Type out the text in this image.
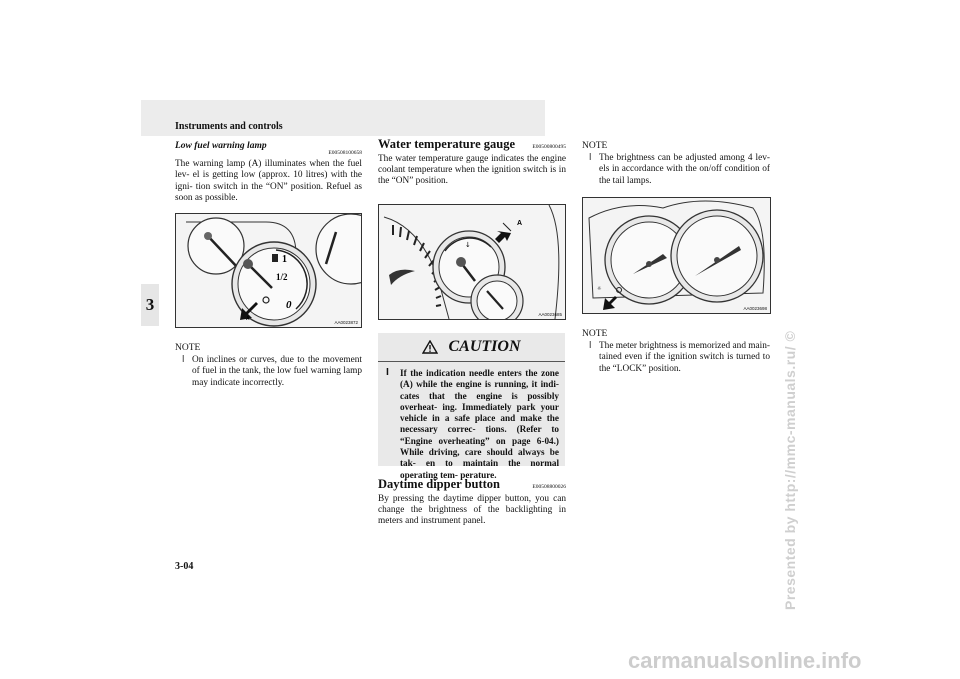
Instruments and controls
3
Low fuel warning lamp
E00508100658

The warning lamp (A) illuminates when the fuel lev- el is getting low (approx. 10 litres) with the igni- tion switch in the “ON” position. Refuel as soon as possible.

1
1/2
0
A
AA0023872
NOTE
l On inclines or curves, due to the movement of fuel in the tank, the low fuel warning lamp may indicate incorrectly.
Water temperature gauge	E00500800495

The water temperature gauge indicates the engine coolant temperature when the ignition switch is in the “ON” position.

↓
A
AA0023685
CAUTION
l If the indication needle enters the zone (A) while the engine is running, it indi- cates that the engine is possibly overheat- ing. Immediately park your vehicle in a safe place and make the necessary correc- tions. (Refer to “Engine overheating” on page 6-04.) While driving, care should always be tak- en to maintain the normal operating tem- perature.
Daytime dipper button	E00508800026

By pressing the daytime dipper button, you can change the brightness of the backlighting in meters and instrument panel.

NOTE
l The brightness can be adjusted among 4 lev- els in accordance with the on/off condition of the tail lamps.
☼
AA0023698
NOTE
l The meter brightness is memorized and main- tained even if the ignition switch is turned to the “LOCK” position.
3-04	Presented by http://mmc-manuals.ru/ ©
carmanualsonline.info
